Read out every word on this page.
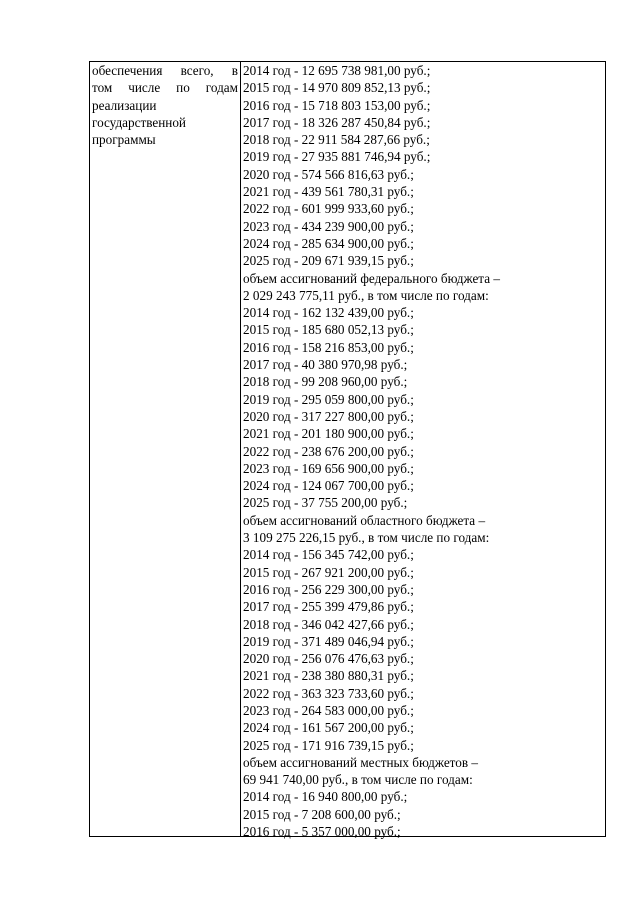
обеспечения всего, в
том числе по годам
реализации
государственной
программы
2014 год - 12 695 738 981,00 руб.;
2015 год - 14 970 809 852,13 руб.;
2016 год - 15 718 803 153,00 руб.;
2017 год - 18 326 287 450,84 руб.;
2018 год - 22 911 584 287,66 руб.;
2019 год - 27 935 881 746,94 руб.;
2020 год - 574 566 816,63 руб.;
2021 год - 439 561 780,31 руб.;
2022 год - 601 999 933,60 руб.;
2023 год - 434 239 900,00 руб.;
2024 год - 285 634 900,00 руб.;
2025 год - 209 671 939,15 руб.;
объем ассигнований федерального бюджета –
2 029 243 775,11 руб., в том числе по годам:
2014 год - 162 132 439,00 руб.;
2015 год - 185 680 052,13 руб.;
2016 год - 158 216 853,00 руб.;
2017 год - 40 380 970,98 руб.;
2018 год - 99 208 960,00 руб.;
2019 год - 295 059 800,00 руб.;
2020 год - 317 227 800,00 руб.;
2021 год - 201 180 900,00 руб.;
2022 год - 238 676 200,00 руб.;
2023 год - 169 656 900,00 руб.;
2024 год - 124 067 700,00 руб.;
2025 год - 37 755 200,00 руб.;
объем ассигнований областного бюджета –
3 109 275 226,15 руб., в том числе по годам:
2014 год - 156 345 742,00 руб.;
2015 год - 267 921 200,00 руб.;
2016 год - 256 229 300,00 руб.;
2017 год - 255 399 479,86 руб.;
2018 год - 346 042 427,66 руб.;
2019 год - 371 489 046,94 руб.;
2020 год - 256 076 476,63 руб.;
2021 год - 238 380 880,31 руб.;
2022 год - 363 323 733,60 руб.;
2023 год - 264 583 000,00 руб.;
2024 год - 161 567 200,00 руб.;
2025 год - 171 916 739,15 руб.;
объем ассигнований местных бюджетов –
69 941 740,00 руб., в том числе по годам:
2014 год - 16 940 800,00 руб.;
2015 год - 7 208 600,00 руб.;
2016 год - 5 357 000,00 руб.;
